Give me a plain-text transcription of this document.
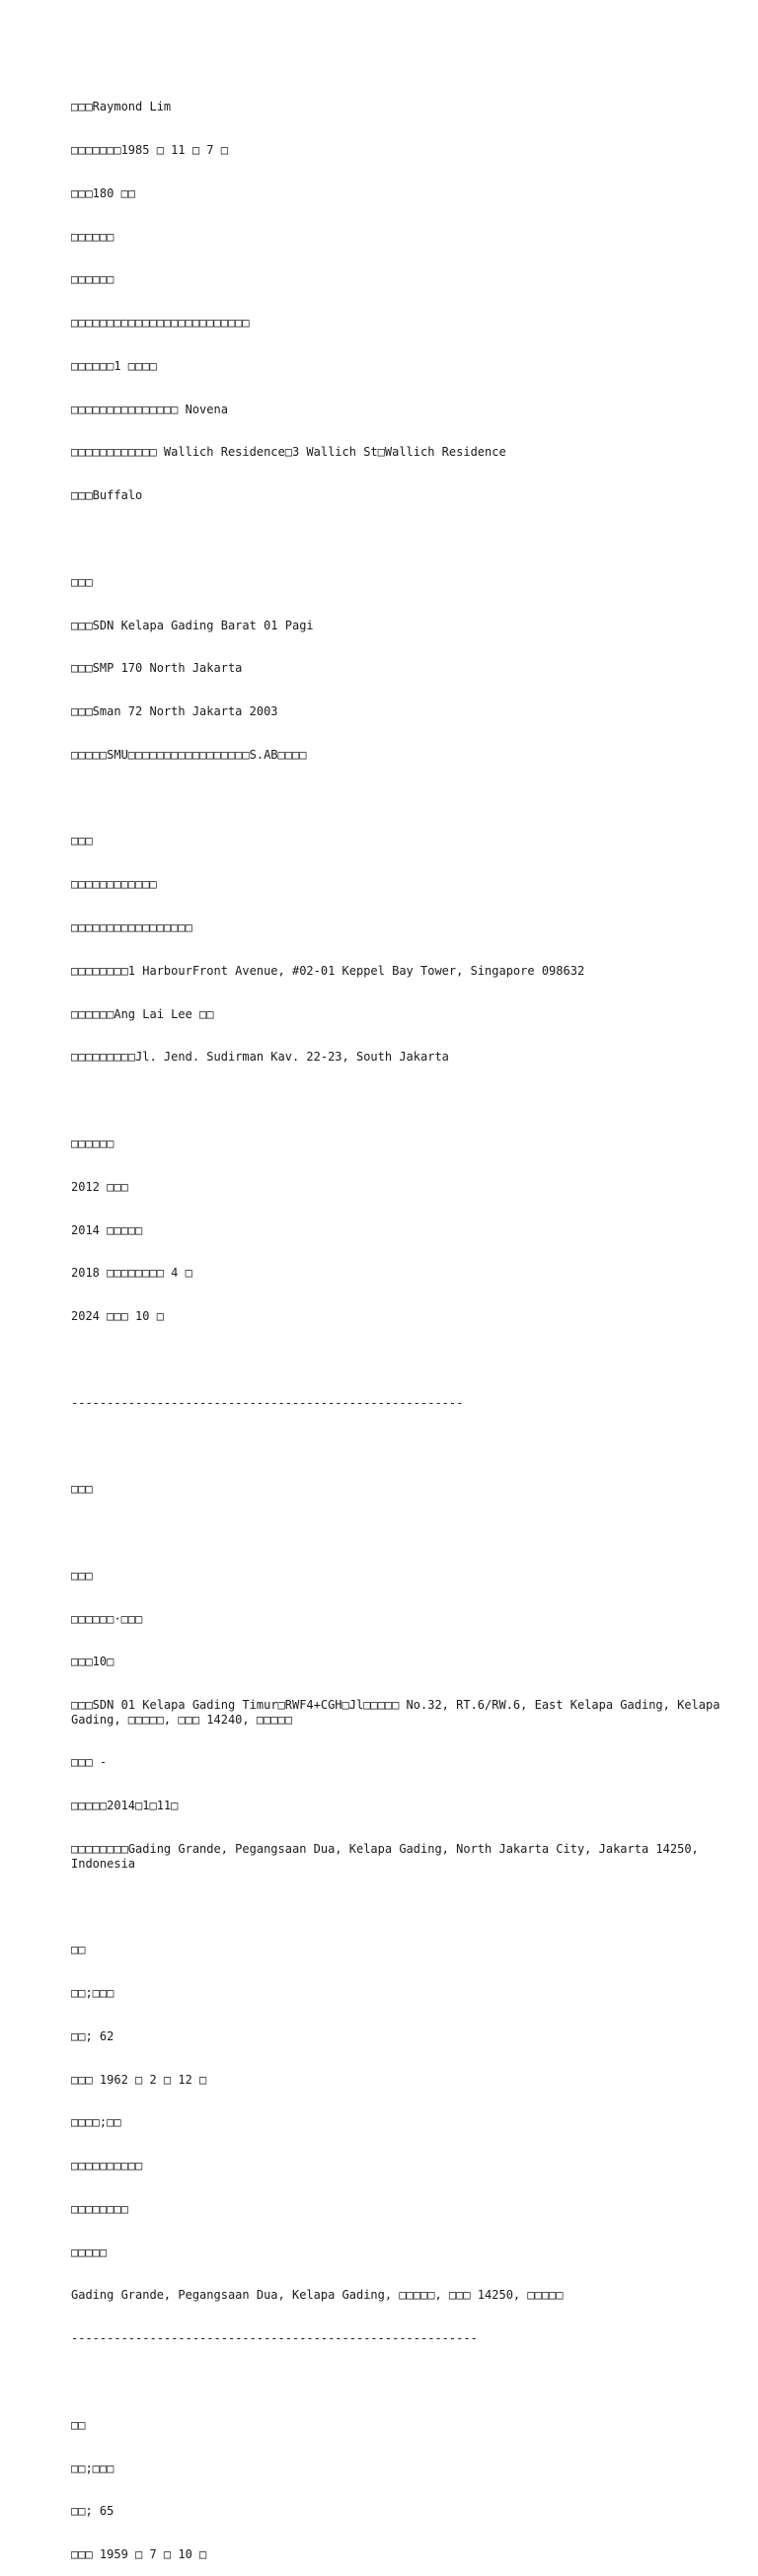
□□□Raymond Lim

□□□□□□□1985 □ 11 □ 7 □

□□□180 □□

□□□□□□

□□□□□□

□□□□□□□□□□□□□□□□□□□□□□□□□

□□□□□□1 □□□□

□□□□□□□□□□□□□□□ Novena

□□□□□□□□□□□□ Wallich Residence□3 Wallich St□Wallich Residence

□□□Buffalo

□□□

□□□SDN Kelapa Gading Barat 01 Pagi

□□□SMP 170 North Jakarta

□□□Sman 72 North Jakarta 2003

□□□□□SMU□□□□□□□□□□□□□□□□□S.AB□□□□

□□□

□□□□□□□□□□□□

□□□□□□□□□□□□□□□□□

□□□□□□□□1 HarbourFront Avenue, #02-01 Keppel Bay Tower, Singapore 098632

□□□□□□Ang Lai Lee □□

□□□□□□□□□Jl. Jend. Sudirman Kav. 22-23, South Jakarta

□□□□□□

2012 □□□

2014 □□□□□

2018 □□□□□□□□ 4 □

2024 □□□ 10 □

-------------------------------------------------------

□□□

□□□

□□□□□□·□□□

□□□10□

□□□SDN 01 Kelapa Gading Timur□RWF4+CGH□Jl□□□□□ No.32, RT.6/RW.6, East Kelapa Gading, Kelapa Gading, □□□□□, □□□ 14240, □□□□□

□□□ -

□□□□□2014□1□11□

□□□□□□□□Gading Grande, Pegangsaan Dua, Kelapa Gading, North Jakarta City, Jakarta 14250, Indonesia

□□

□□;□□□

□□; 62

□□□ 1962 □ 2 □ 12 □

□□□□;□□

□□□□□□□□□□

□□□□□□□□

□□□□□

Gading Grande, Pegangsaan Dua, Kelapa Gading, □□□□□, □□□ 14250, □□□□□

---------------------------------------------------------

□□

□□;□□□

□□; 65

□□□ 1959 □ 7 □ 10 □
